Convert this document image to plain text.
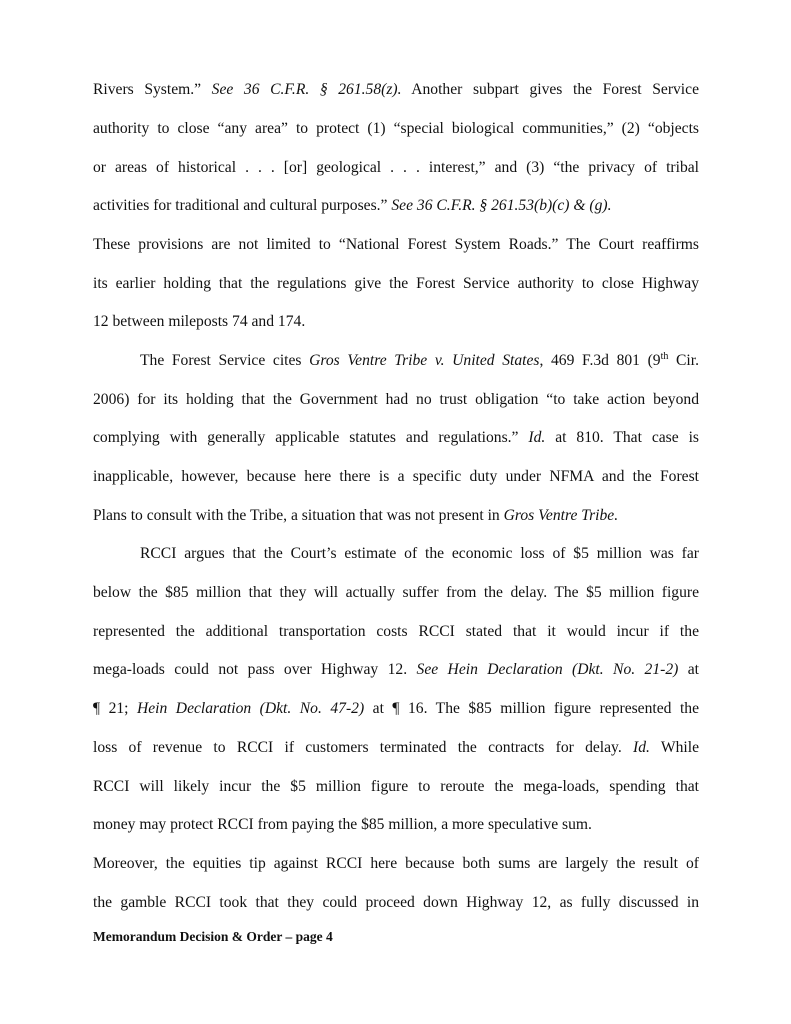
Rivers System.” See 36 C.F.R. § 261.58(z). Another subpart gives the Forest Service
authority to close “any area” to protect (1) “special biological communities,” (2) “objects
or areas of historical . . . [or] geological . . . interest,” and (3) “the privacy of tribal
activities for traditional and cultural purposes.” See 36 C.F.R. § 261.53(b)(c) & (g).
These provisions are not limited to “National Forest System Roads.” The Court reaffirms
its earlier holding that the regulations give the Forest Service authority to close Highway
12 between mileposts 74 and 174.
The Forest Service cites Gros Ventre Tribe v. United States, 469 F.3d 801 (9th Cir.
2006) for its holding that the Government had no trust obligation “to take action beyond
complying with generally applicable statutes and regulations.” Id. at 810. That case is
inapplicable, however, because here there is a specific duty under NFMA and the Forest
Plans to consult with the Tribe, a situation that was not present in Gros Ventre Tribe.
RCCI argues that the Court’s estimate of the economic loss of $5 million was far
below the $85 million that they will actually suffer from the delay. The $5 million figure
represented the additional transportation costs RCCI stated that it would incur if the
mega-loads could not pass over Highway 12. See Hein Declaration (Dkt. No. 21-2) at
¶ 21; Hein Declaration (Dkt. No. 47-2) at ¶ 16. The $85 million figure represented the
loss of revenue to RCCI if customers terminated the contracts for delay. Id. While
RCCI will likely incur the $5 million figure to reroute the mega-loads, spending that
money may protect RCCI from paying the $85 million, a more speculative sum.
Moreover, the equities tip against RCCI here because both sums are largely the result of
the gamble RCCI took that they could proceed down Highway 12, as fully discussed in
Memorandum Decision & Order – page 4
